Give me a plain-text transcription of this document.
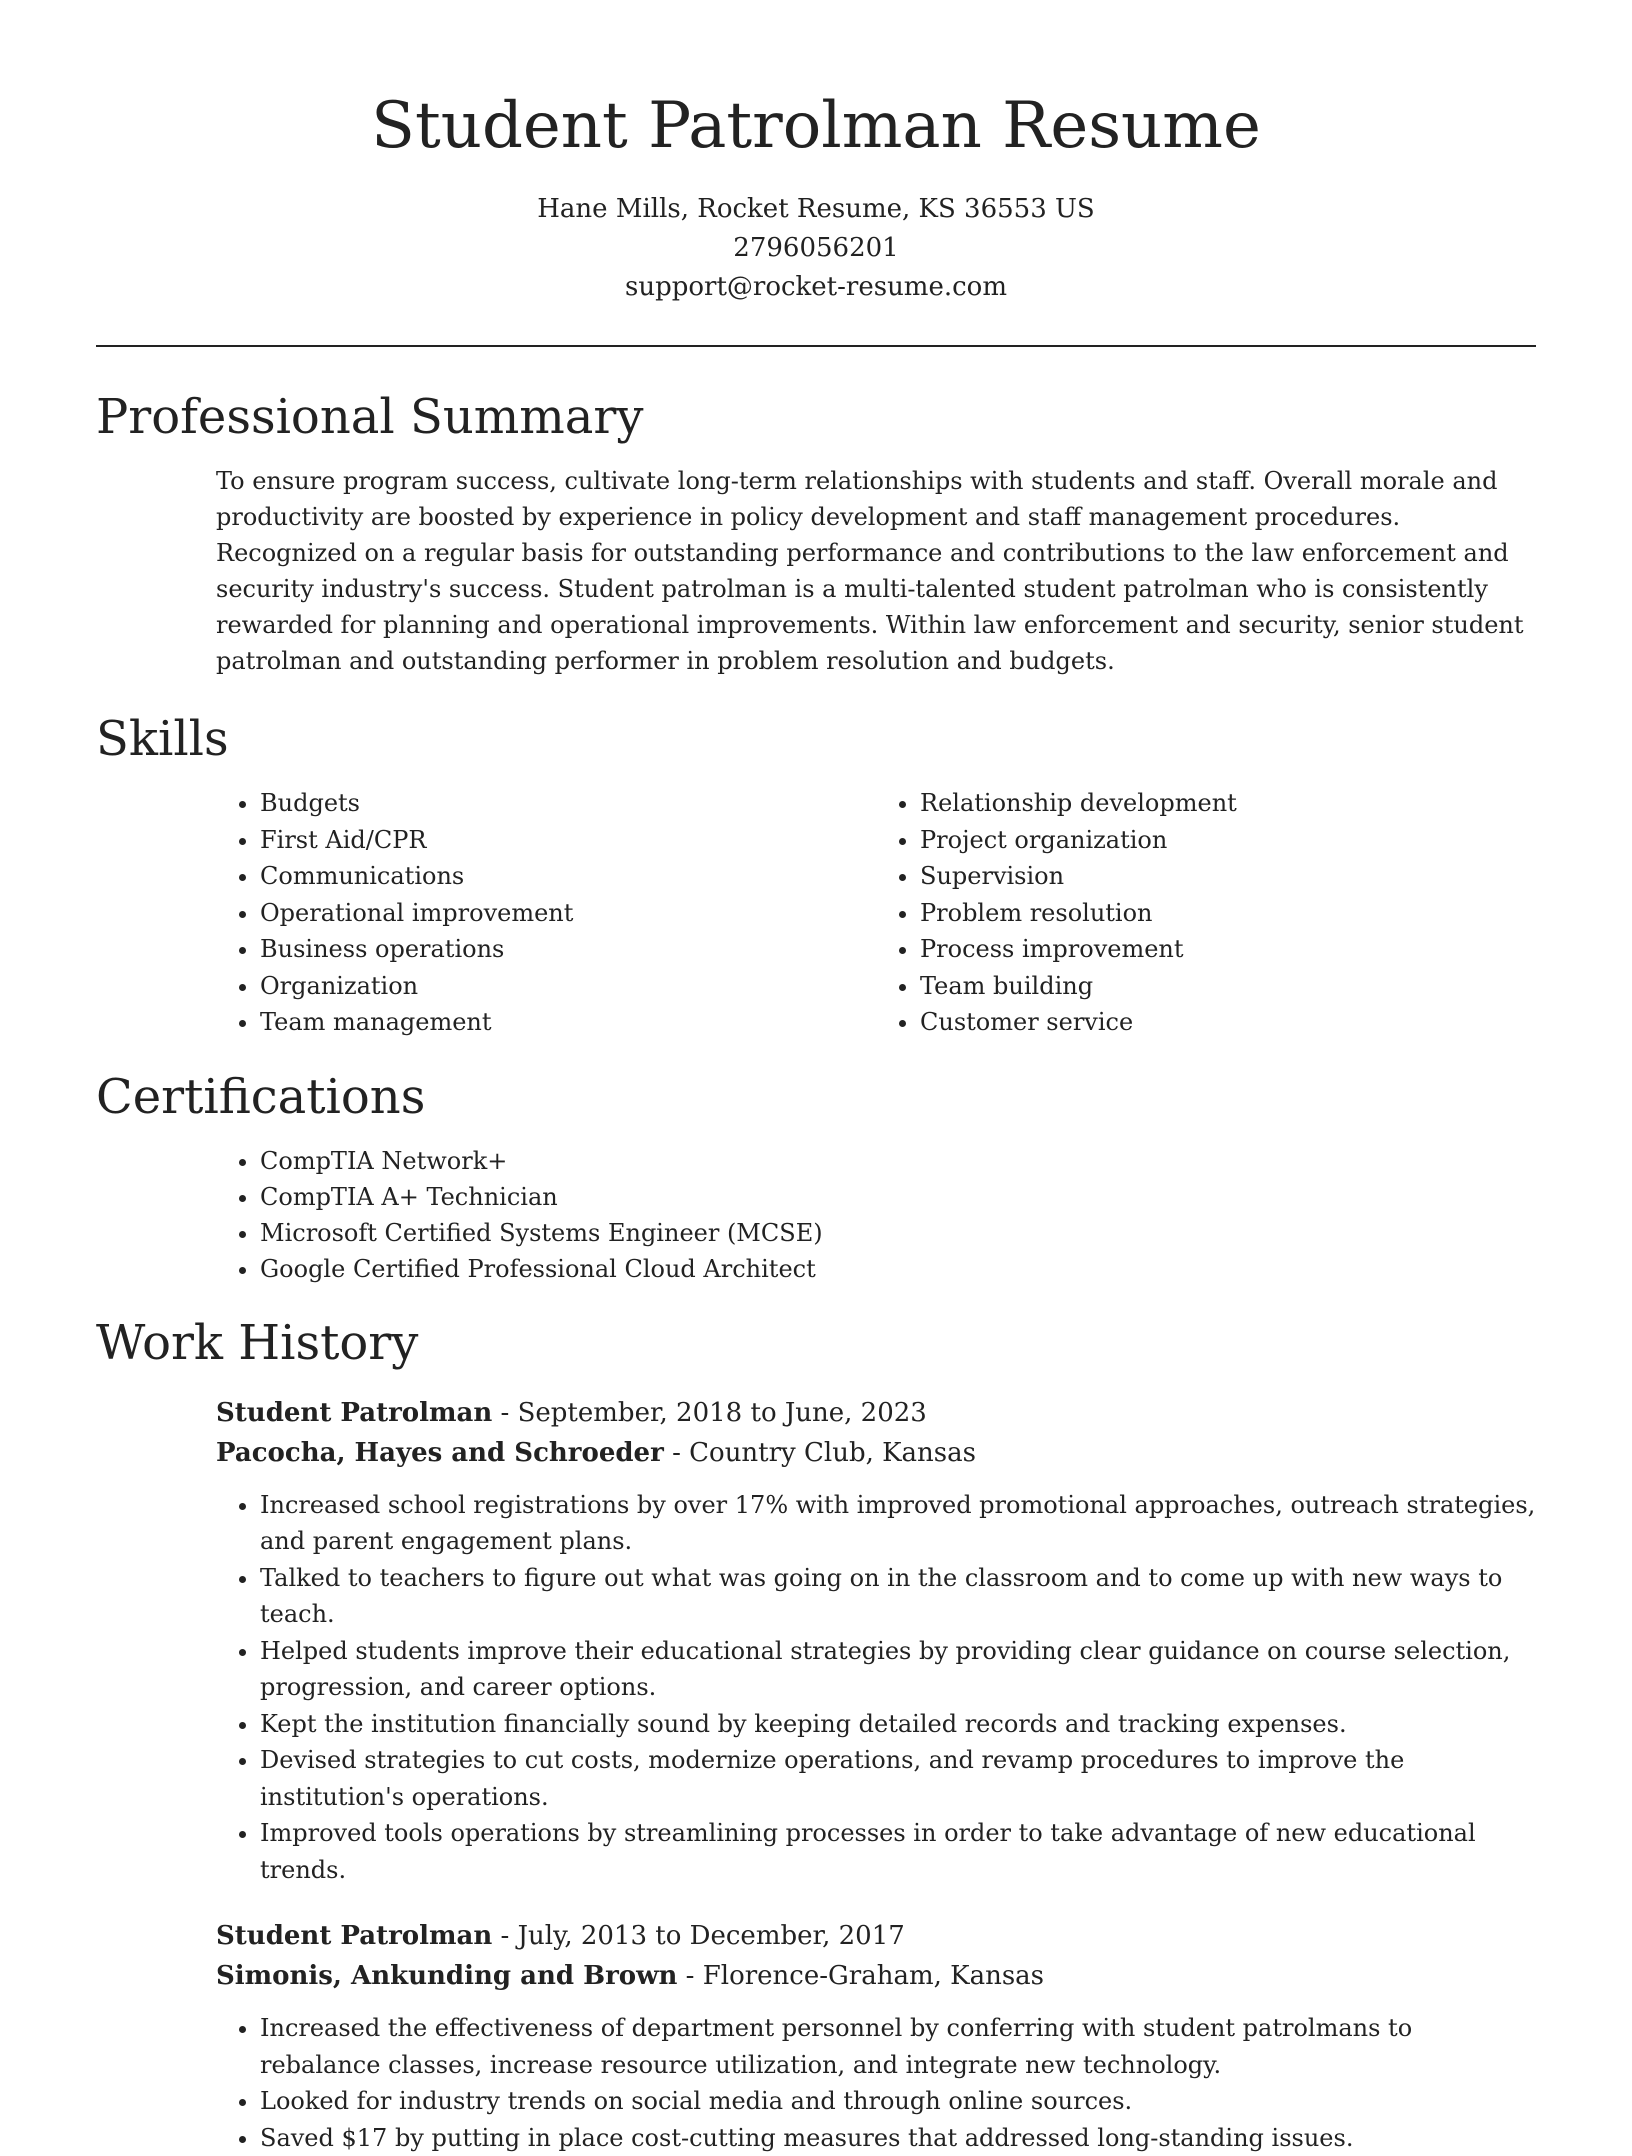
Student Patrolman Resume
Hane Mills, Rocket Resume, KS 36553 US
2796056201
support@rocket-resume.com
Professional Summary

To ensure program success, cultivate long-term relationships with students and staff. Overall morale and productivity are boosted by experience in policy development and staff management procedures. Recognized on a regular basis for outstanding performance and contributions to the law enforcement and security industry's success. Student patrolman is a multi-talented student patrolman who is consistently rewarded for planning and operational improvements. Within law enforcement and security, senior student patrolman and outstanding performer in problem resolution and budgets.

Skills
• Budgets
• First Aid/CPR
• Communications
• Operational improvement
• Business operations
• Organization
• Team management
• Relationship development
• Project organization
• Supervision
• Problem resolution
• Process improvement
• Team building
• Customer service
Certifications
• CompTIA Network+
• CompTIA A+ Technician
• Microsoft Certified Systems Engineer (MCSE)
• Google Certified Professional Cloud Architect
Work History
Student Patrolman - September, 2018 to June, 2023
Pacocha, Hayes and Schroeder - Country Club, Kansas
• Increased school registrations by over 17% with improved promotional approaches, outreach strategies, and parent engagement plans.
• Talked to teachers to figure out what was going on in the classroom and to come up with new ways to teach.
• Helped students improve their educational strategies by providing clear guidance on course selection, progression, and career options.
• Kept the institution financially sound by keeping detailed records and tracking expenses.
• Devised strategies to cut costs, modernize operations, and revamp procedures to improve the institution's operations.
• Improved tools operations by streamlining processes in order to take advantage of new educational trends.
Student Patrolman - July, 2013 to December, 2017
Simonis, Ankunding and Brown - Florence-Graham, Kansas
• Increased the effectiveness of department personnel by conferring with student patrolmans to rebalance classes, increase resource utilization, and integrate new technology.
• Looked for industry trends on social media and through online sources.
• Saved $17 by putting in place cost-cutting measures that addressed long-standing issues.
